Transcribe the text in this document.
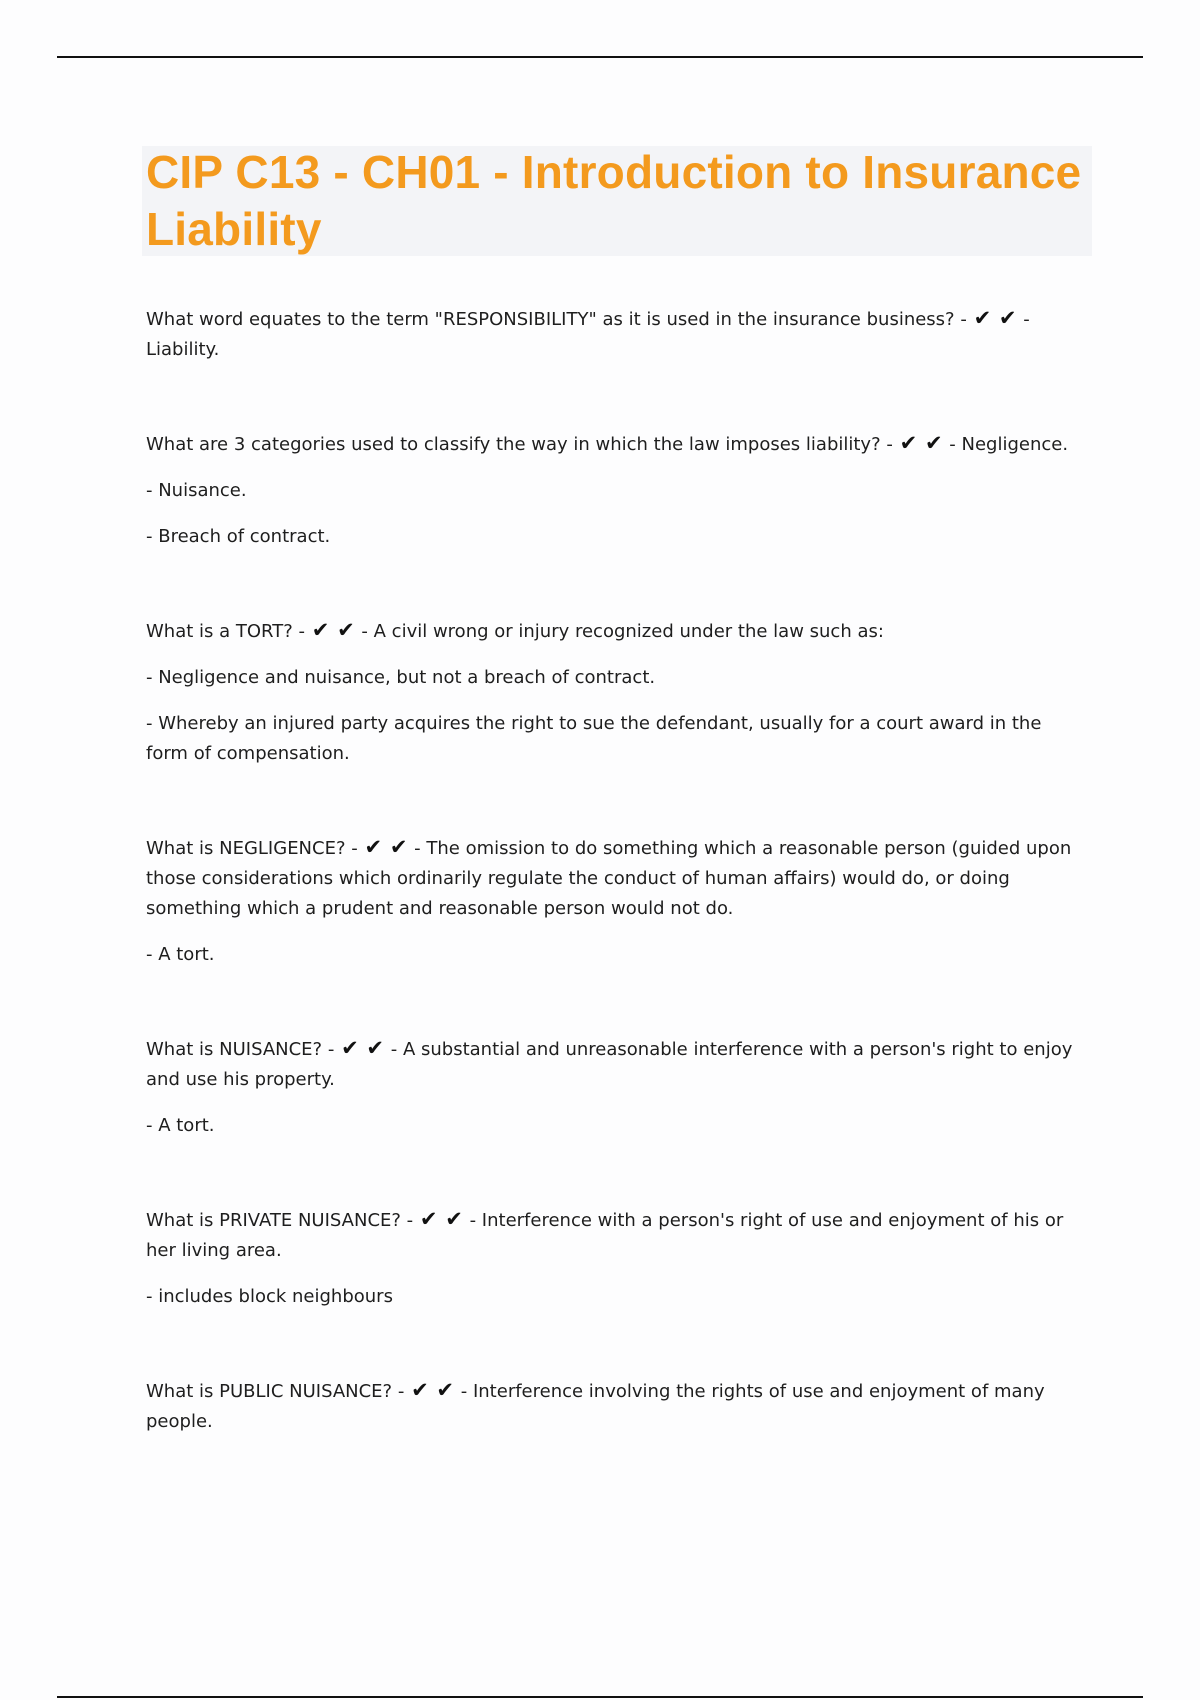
CIP C13 - CH01 - Introduction to Insurance Liability

What word equates to the term "RESPONSIBILITY" as it is used in the insurance business? - ✔ ✔ - Liability.

What are 3 categories used to classify the way in which the law imposes liability? - ✔ ✔ - Negligence.

- Nuisance.

- Breach of contract.

What is a TORT? - ✔ ✔ - A civil wrong or injury recognized under the law such as:

- Negligence and nuisance, but not a breach of contract.

- Whereby an injured party acquires the right to sue the defendant, usually for a court award in the form of compensation.

What is NEGLIGENCE? - ✔ ✔ - The omission to do something which a reasonable person (guided upon those considerations which ordinarily regulate the conduct of human affairs) would do, or doing something which a prudent and reasonable person would not do.

- A tort.

What is NUISANCE? - ✔ ✔ - A substantial and unreasonable interference with a person's right to enjoy and use his property.

- A tort.

What is PRIVATE NUISANCE? - ✔ ✔ - Interference with a person's right of use and enjoyment of his or her living area.

- includes block neighbours

What is PUBLIC NUISANCE? - ✔ ✔ - Interference involving the rights of use and enjoyment of many people.
